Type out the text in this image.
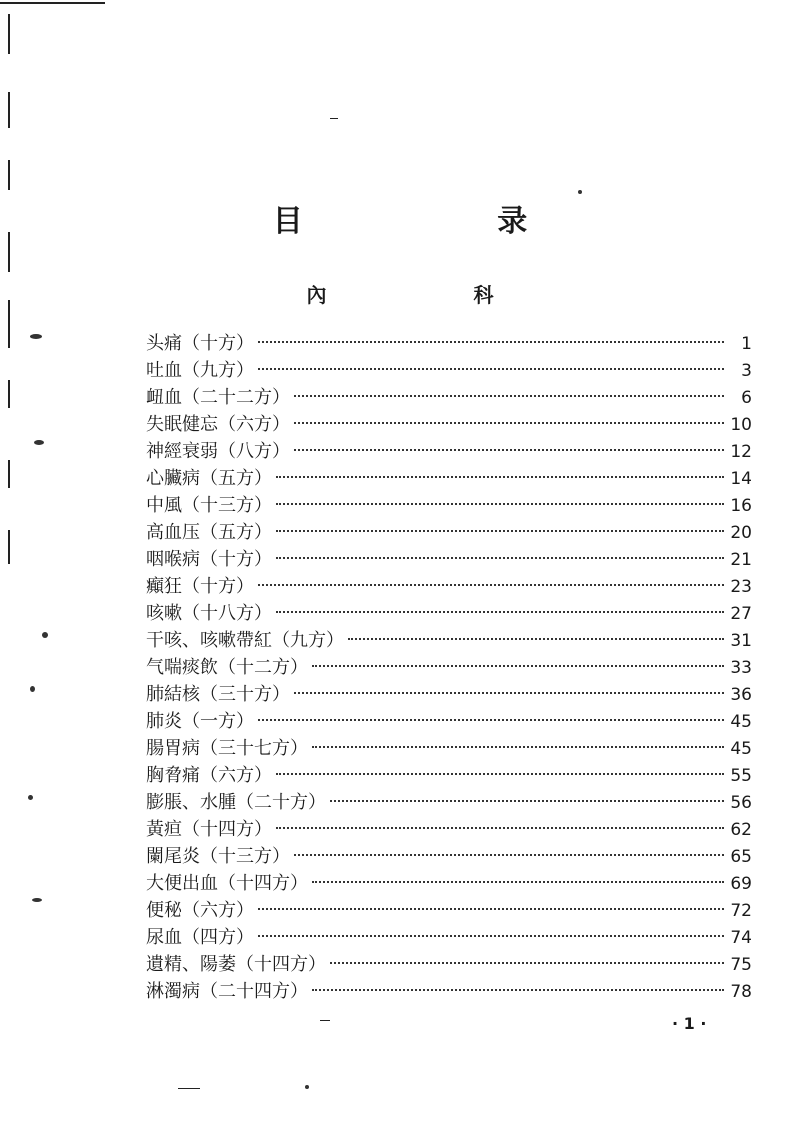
目 录
內 科
头痛（十方）	1
吐血（九方）	3
衄血（二十二方）	6
失眠健忘（六方）	10
神經衰弱（八方）	12
心臟病（五方）	14
中風（十三方）	16
高血压（五方）	20
咽喉病（十方）	21
癲狂（十方）	23
咳嗽（十八方）	27
干咳、咳嗽帶紅（九方）	31
气喘痰飲（十二方）	33
肺結核（三十方）	36
肺炎（一方）	45
腸胃病（三十七方）	45
胸脅痛（六方）	55
膨脹、水腫（二十方）	56
黃疸（十四方）	62
闌尾炎（十三方）	65
大便出血（十四方）	69
便秘（六方）	72
尿血（四方）	74
遺精、陽萎（十四方）	75
淋濁病（二十四方）	78
· 1 ·
